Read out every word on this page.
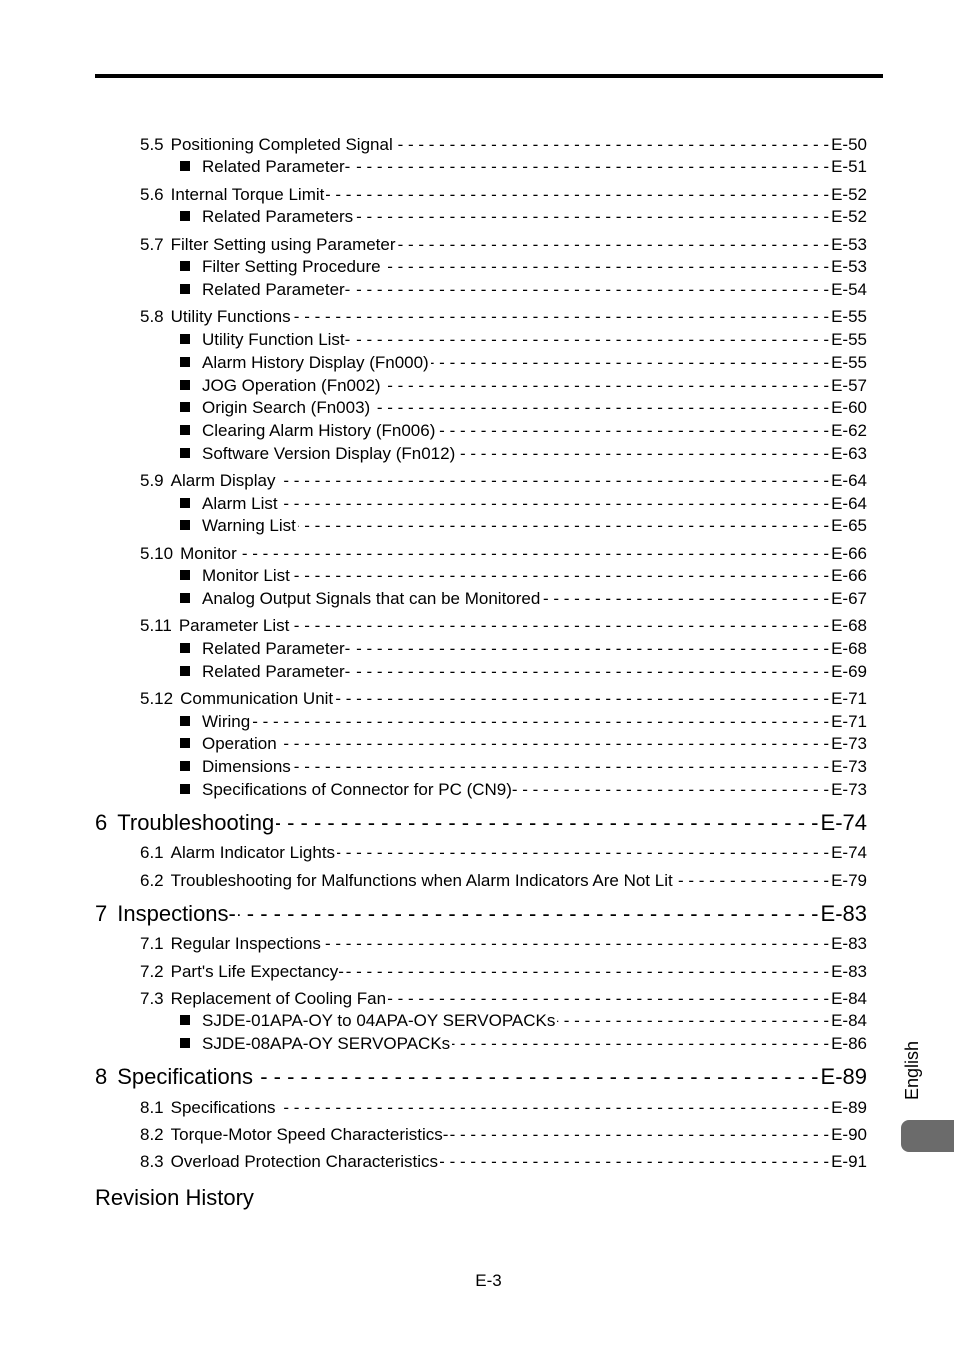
5.5 Positioning Completed Signal - - -	E-50
Related Parameter- - - -	E-51
5.6 Internal Torque Limit - - -	E-52
Related Parameters - - -	E-52
5.7 Filter Setting using Parameter - - -	E-53
Filter Setting Procedure - - -	E-53
Related Parameter- - - -	E-54
5.8 Utility Functions - - -	E-55
Utility Function List- - - -	E-55
Alarm History Display (Fn000) - - -	E-55
JOG Operation (Fn002) - - -	E-57
Origin Search (Fn003) - - -	E-60
Clearing Alarm History (Fn006) - - -	E-62
Software Version Display (Fn012) - - -	E-63
5.9 Alarm Display - - -	E-64
Alarm List - - -	E-64
Warning List - - -	E-65
5.10 Monitor - - -	E-66
Monitor List - - -	E-66
Analog Output Signals that can be Monitored - - -	E-67
5.11 Parameter List - - -	E-68
Related Parameter- - - -	E-68
Related Parameter- - - -	E-69
5.12 Communication Unit - - -	E-71
Wiring - - -	E-71
Operation - - -	E-73
Dimensions - - -	E-73
Specifications of Connector for PC (CN9)- - - -	E-73
6 Troubleshooting - - -	E-74
6.1 Alarm Indicator Lights - - -	E-74
6.2 Troubleshooting for Malfunctions when Alarm Indicators Are Not Lit - - -	E-79
7 Inspections- - - -	E-83
7.1 Regular Inspections - - -	E-83
7.2 Part's Life Expectancy- - - -	E-83
7.3 Replacement of Cooling Fan - - -	E-84
SJDE-01APA-OY to 04APA-OY SERVOPACKs - - -	E-84
SJDE-08APA-OY SERVOPACKs - - -	E-86
8 Specifications - - -	E-89
8.1 Specifications - - -	E-89
8.2 Torque-Motor Speed Characteristics- - - -	E-90
8.3 Overload Protection Characteristics - - -	E-91
Revision History
English
E-3
